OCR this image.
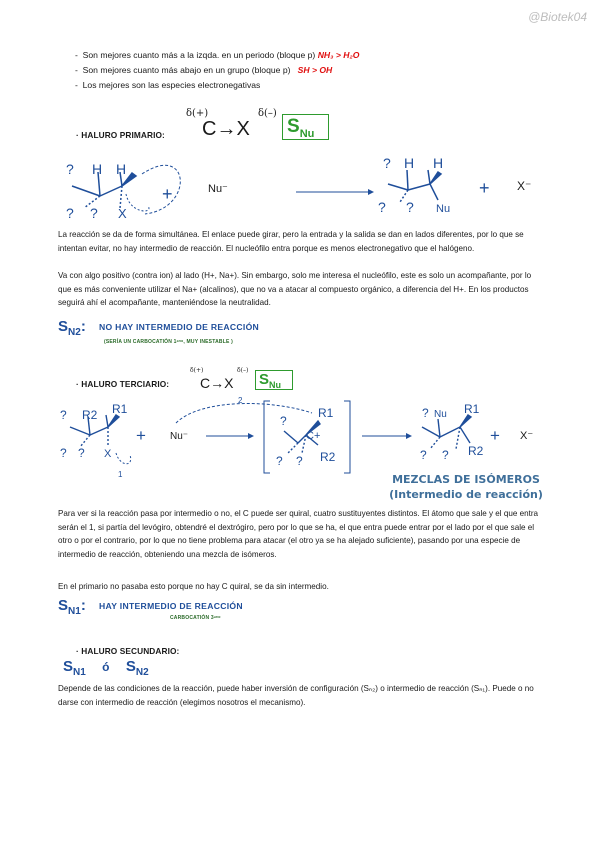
@Biotek04
-  Son mejores cuanto más a la izqda. en un periodo (bloque p) NH₃ > H₂O
-  Son mejores cuanto más abajo en un grupo (bloque p) SH > OH
-  Los mejores son las especies electronegativas
· HALURO PRIMARIO:
δ(+)	δ(–)
C→X $S_{Nu}$
? H H
? ? X
+	Nu⁻
? H H
? ? Nu
+ X⁻
La reacción se da de forma simultánea. El enlace puede girar, pero la entrada y la salida se dan en lados diferentes, por lo que se intentan evitar, no hay intermedio de reacción. El nucleófilo entra porque es menos electronegativo que el halógeno.
Va con algo positivo (contra ion) al lado (H+, Na+). Sin embargo, solo me interesa el nucleófilo, este es solo un acompañante, por lo que es más conveniente utilizar el Na+ (alcalinos), que no va a atacar al compuesto orgánico, a diferencia del H+. En los productos seguirá ahí el acompañante, manteniéndose la neutralidad.
$S_{N2}$: NO HAY INTERMEDIO DE REACCIÓN
(SERÍA UN CARBOCATIÓN 1ᵃʳᶦᵒ, MUY INESTABLE )
· HALURO TERCIARIO:
δ(+)	δ(–)
C→X $S_{Nu}$
? R2 R1
? ? X
1
+ Nu⁻
2
?
R1
C+
? ? R2
? Nu R1
? ? R2
+ X⁻
MEZCLAS DE ISÓMEROS
(Intermedio de reacción)
Para ver si la reacción pasa por intermedio o no, el C puede ser quiral, cuatro sustituyentes distintos. El átomo que sale y el que entra serán el 1, si partía del levógiro, obtendré el dextrógiro, pero por lo que se ha, el que entra puede entrar por el lado por el que sale el otro o por el contrario, por lo que no tiene problema para atacar (el otro ya se ha alejado suficiente), pasando por una especie de intermedio de reacción, obteniendo una mezcla de isómeros.
En el primario no pasaba esto porque no hay C quiral, se da sin intermedio.
$S_{N1}$: HAY INTERMEDIO DE REACCIÓN
CARBOCATIÓN 3ᵃʳᶦᵒ
· HALURO SECUNDARIO:
$S_{N1}$ ó $S_{N2}$
Depende de las condiciones de la reacción, puede haber inversión de configuración (Sₙ₂) o intermedio de reacción (Sₙ₁). Puede o no darse con intermedio de reacción (elegimos nosotros el mecanismo).
